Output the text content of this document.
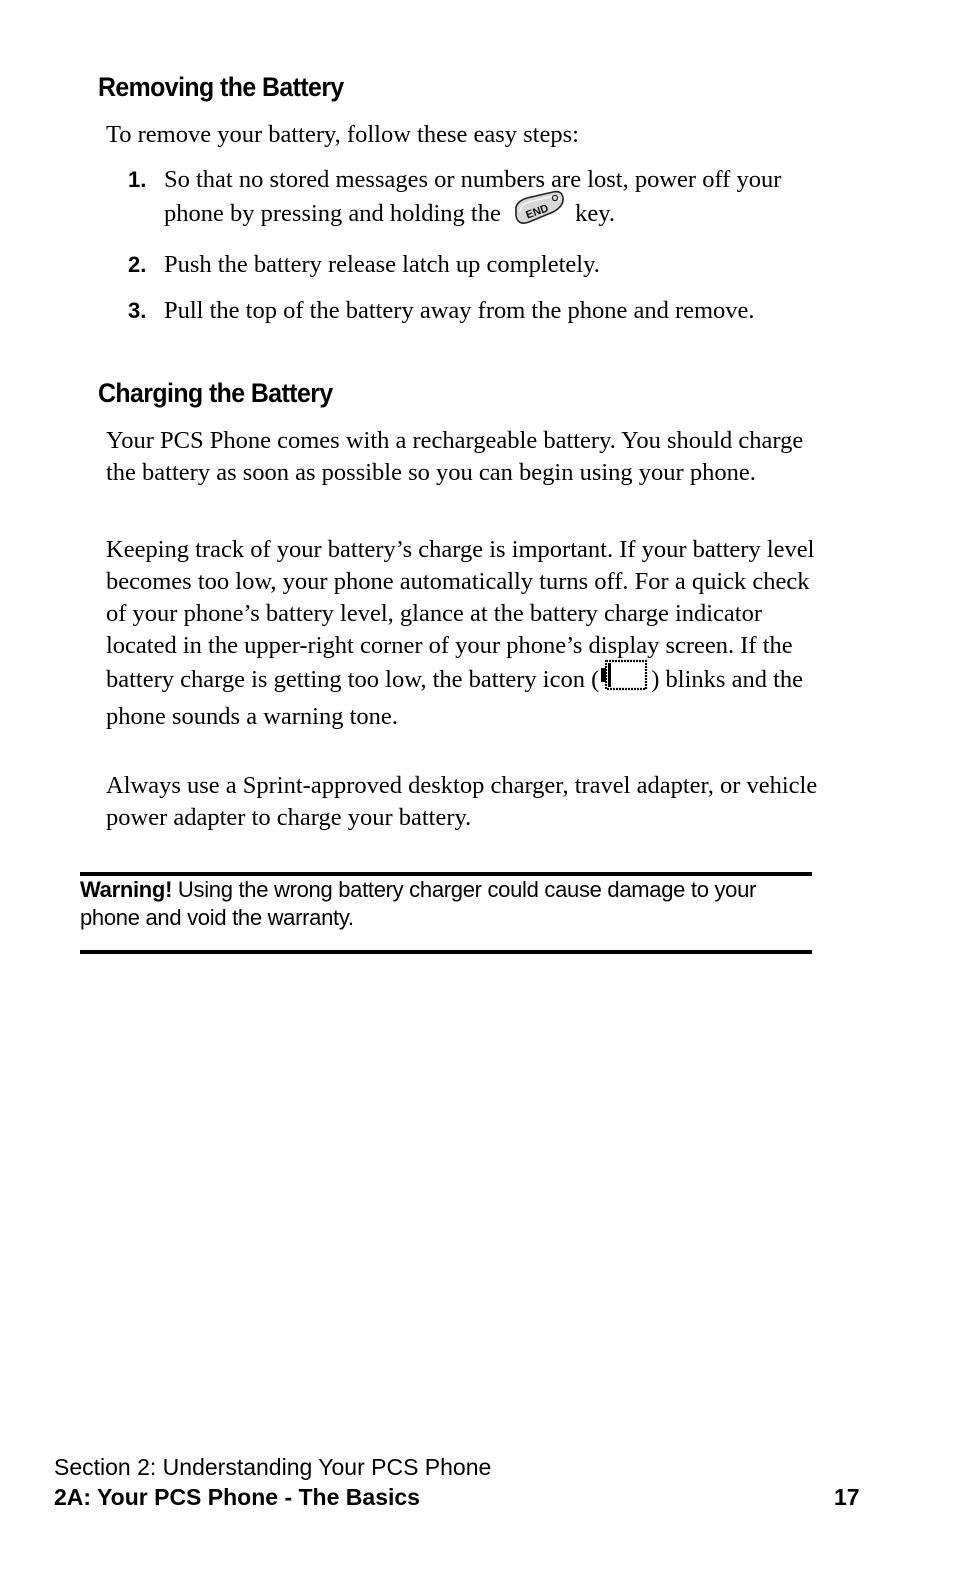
Removing the Battery

To remove your battery, follow these easy steps:

1. So that no stored messages or numbers are lost, power off your phone by pressing and holding the END key.
2. Push the battery release latch up completely.
3. Pull the top of the battery away from the phone and remove.
Charging the Battery

Your PCS Phone comes with a rechargeable battery. You should charge the battery as soon as possible so you can begin using your phone.

Keeping track of your battery’s charge is important. If your battery level becomes too low, your phone automatically turns off. For a quick check of your phone’s battery level, glance at the battery charge indicator located in the upper-right corner of your phone’s display screen. If the battery charge is getting too low, the battery icon ( ) blinks and the phone sounds a warning tone.

Always use a Sprint-approved desktop charger, travel adapter, or vehicle power adapter to charge your battery.

Warning! Using the wrong battery charger could cause damage to your phone and void the warranty.

Section 2: Understanding Your PCS Phone

2A: Your PCS Phone - The Basics	17
